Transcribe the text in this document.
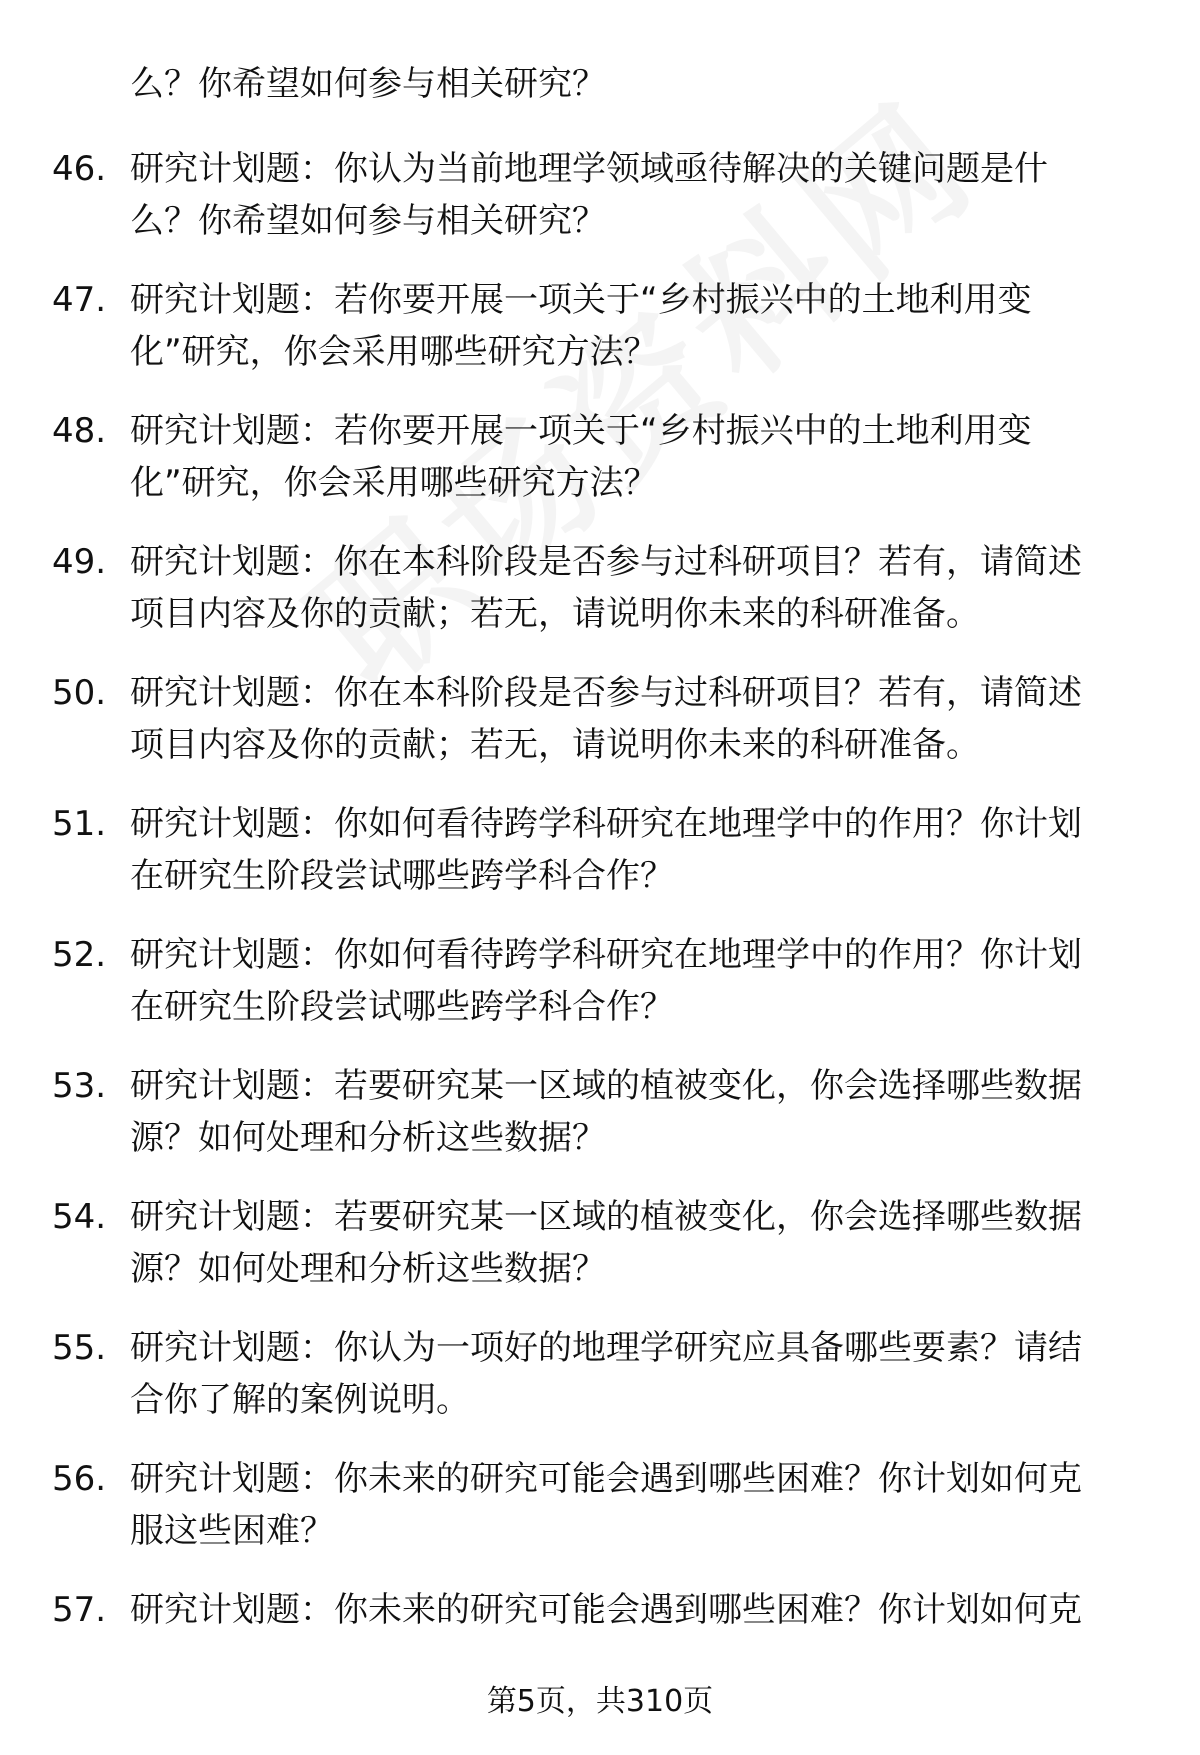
么？你希望如何参与相关研究？
46. 研究计划题：你认为当前地理学领域亟待解决的关键问题是什
么？你希望如何参与相关研究？
47. 研究计划题：若你要开展一项关于“乡村振兴中的土地利用变
化”研究，你会采用哪些研究方法？
48. 研究计划题：若你要开展一项关于“乡村振兴中的土地利用变
化”研究，你会采用哪些研究方法？
49. 研究计划题：你在本科阶段是否参与过科研项目？若有，请简述
项目内容及你的贡献；若无，请说明你未来的科研准备。
50. 研究计划题：你在本科阶段是否参与过科研项目？若有，请简述
项目内容及你的贡献；若无，请说明你未来的科研准备。
51. 研究计划题：你如何看待跨学科研究在地理学中的作用？你计划
在研究生阶段尝试哪些跨学科合作？
52. 研究计划题：你如何看待跨学科研究在地理学中的作用？你计划
在研究生阶段尝试哪些跨学科合作？
53. 研究计划题：若要研究某一区域的植被变化，你会选择哪些数据
源？如何处理和分析这些数据？
54. 研究计划题：若要研究某一区域的植被变化，你会选择哪些数据
源？如何处理和分析这些数据？
55. 研究计划题：你认为一项好的地理学研究应具备哪些要素？请结
合你了解的案例说明。
56. 研究计划题：你未来的研究可能会遇到哪些困难？你计划如何克
服这些困难？
57. 研究计划题：你未来的研究可能会遇到哪些困难？你计划如何克
第5页，共310页
